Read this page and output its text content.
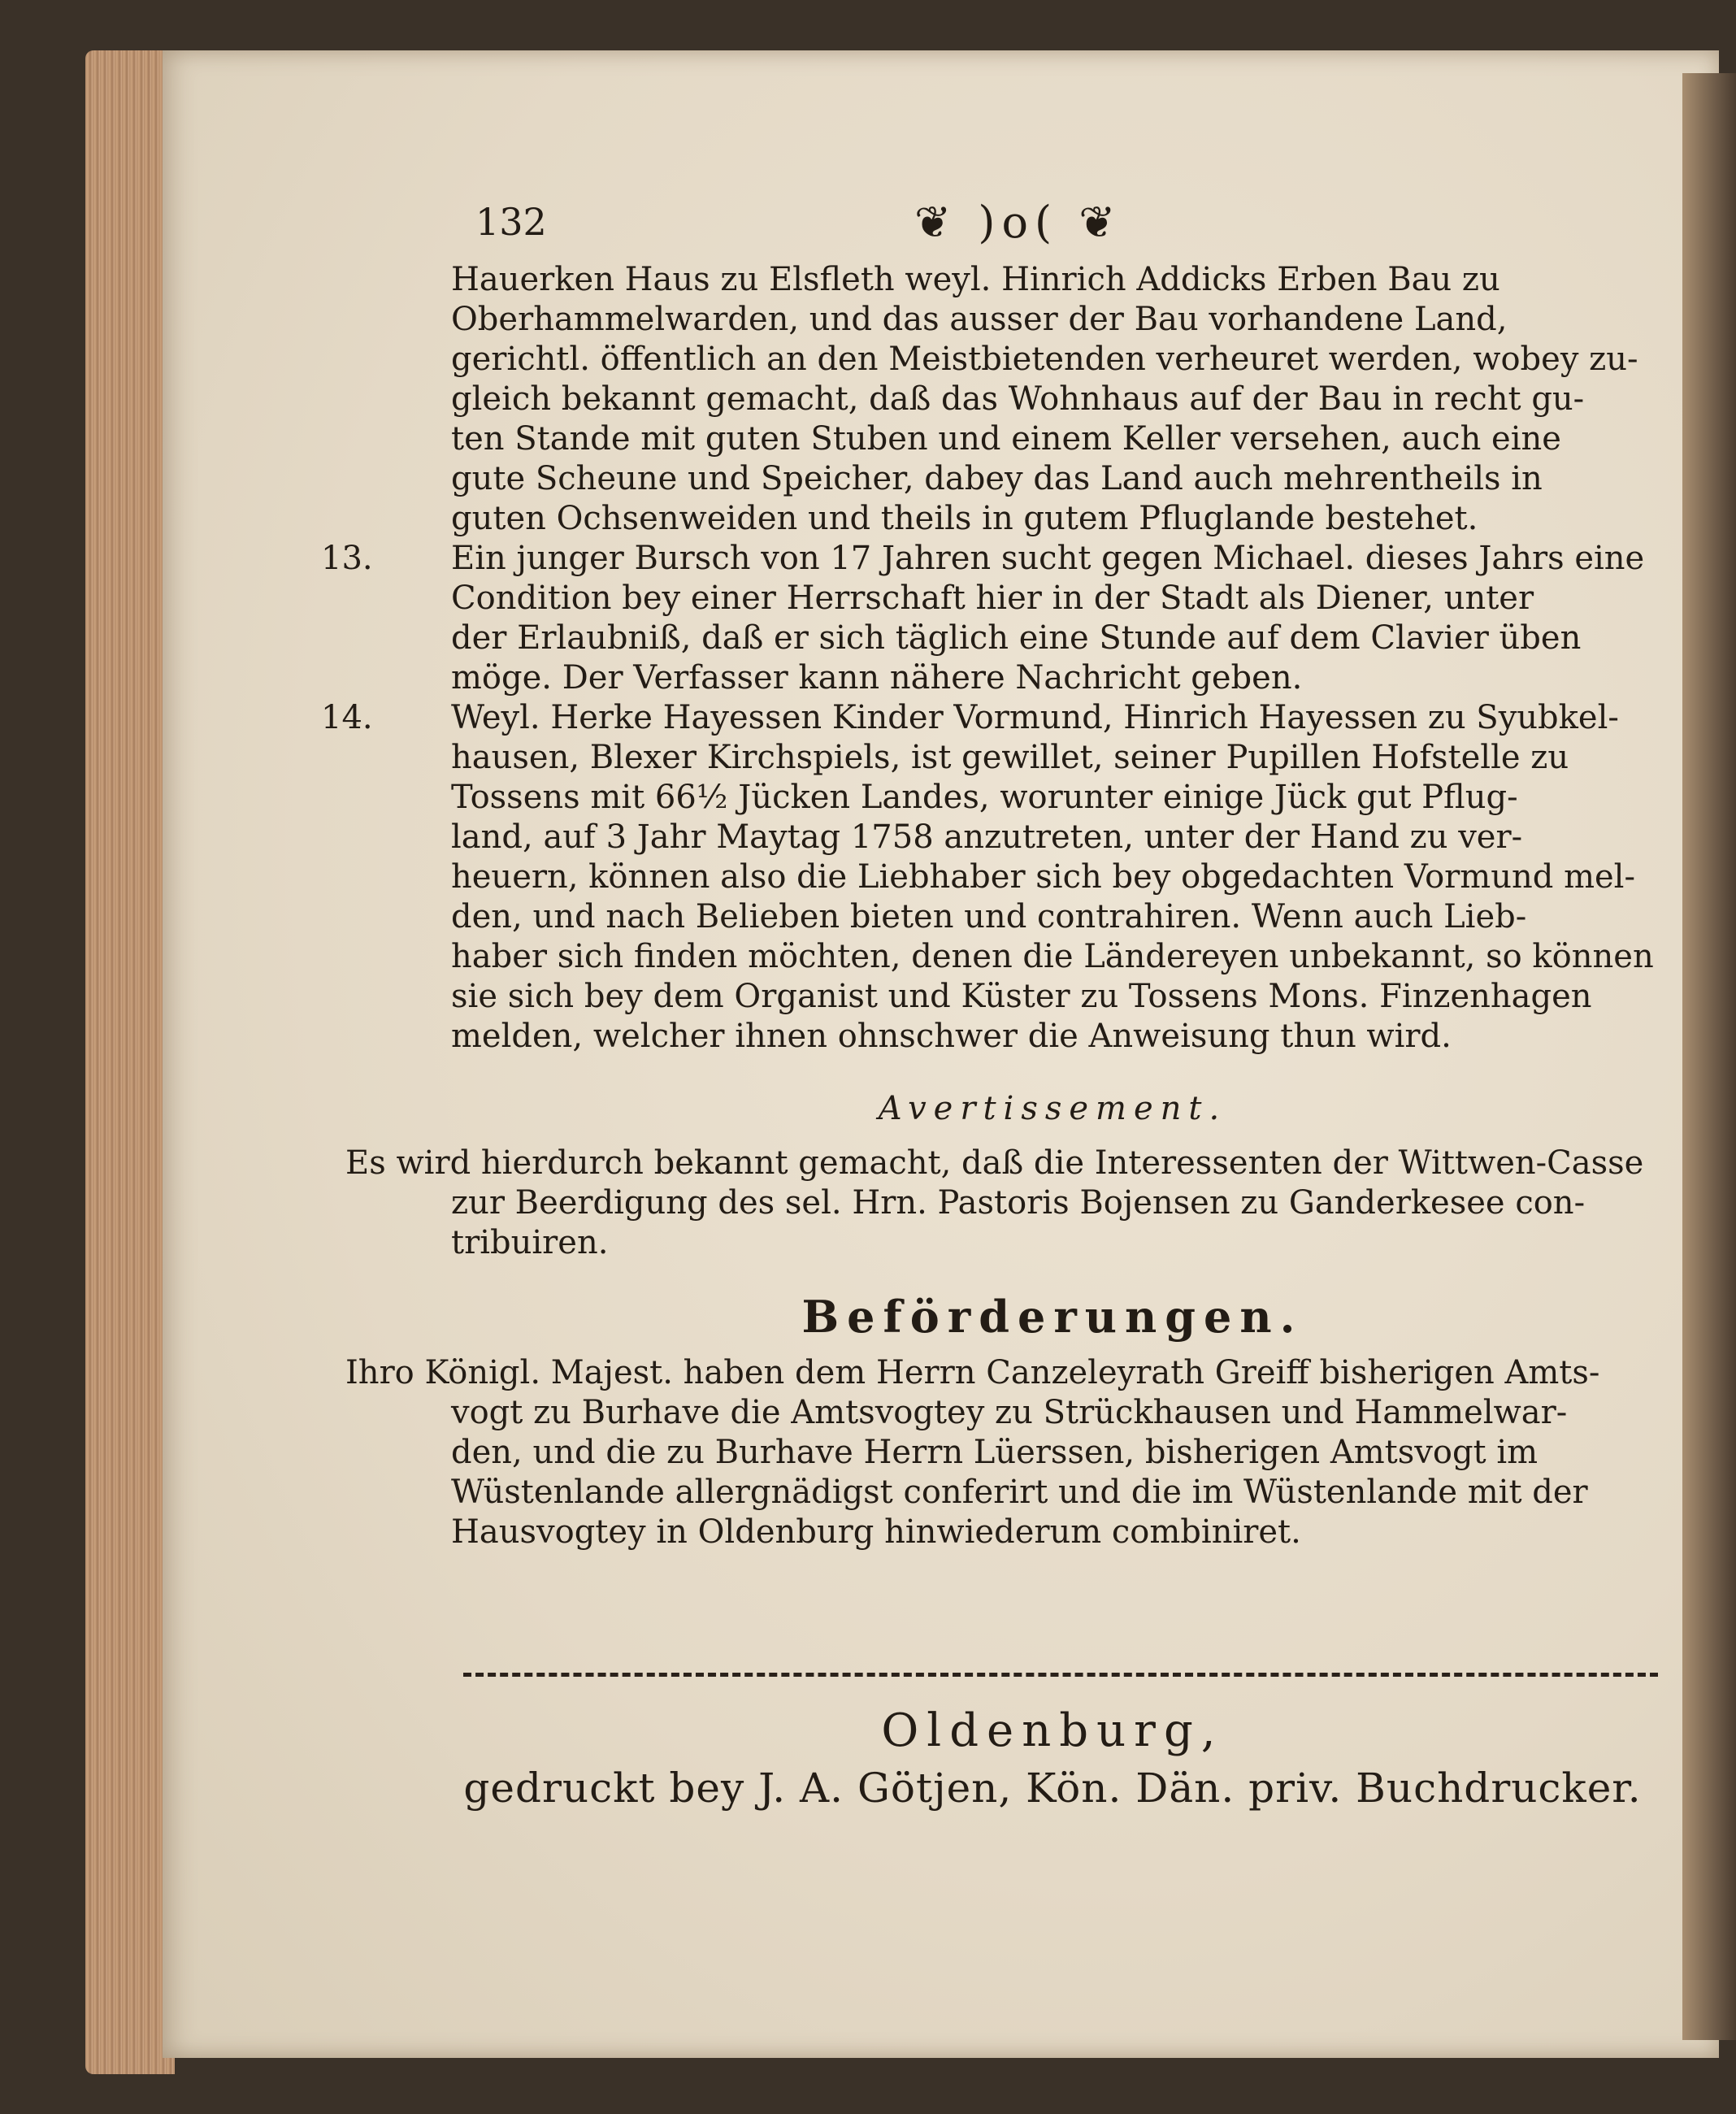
132	❦ )o( ❦
Hauerken Haus zu Elsfleth weyl. Hinrich Addicks Erben Bau zu
Oberhammelwarden, und das ausser der Bau vorhandene Land,
gerichtl. öffentlich an den Meistbietenden verheuret werden, wobey zu-
gleich bekannt gemacht, daß das Wohnhaus auf der Bau in recht gu-
ten Stande mit guten Stuben und einem Keller versehen, auch eine
gute Scheune und Speicher, dabey das Land auch mehrentheils in
guten Ochsenweiden und theils in gutem Pfluglande bestehet.
13. Ein junger Bursch von 17 Jahren sucht gegen Michael. dieses Jahrs eine
Condition bey einer Herrschaft hier in der Stadt als Diener, unter
der Erlaubniß, daß er sich täglich eine Stunde auf dem Clavier üben
möge. Der Verfasser kann nähere Nachricht geben.
14. Weyl. Herke Hayessen Kinder Vormund, Hinrich Hayessen zu Syubkel-
hausen, Blexer Kirchspiels, ist gewillet, seiner Pupillen Hofstelle zu
Tossens mit 66½ Jücken Landes, worunter einige Jück gut Pflug-
land, auf 3 Jahr Maytag 1758 anzutreten, unter der Hand zu ver-
heuern, können also die Liebhaber sich bey obgedachten Vormund mel-
den, und nach Belieben bieten und contrahiren. Wenn auch Lieb-
haber sich finden möchten, denen die Ländereyen unbekannt, so können
sie sich bey dem Organist und Küster zu Tossens Mons. Finzenhagen
melden, welcher ihnen ohnschwer die Anweisung thun wird.
Avertissement.
Es wird hierdurch bekannt gemacht, daß die Interessenten der Wittwen-Casse
zur Beerdigung des sel. Hrn. Pastoris Bojensen zu Ganderkesee con-
tribuiren.
Beförderungen.
Ihro Königl. Majest. haben dem Herrn Canzeleyrath Greiff bisherigen Amts-
vogt zu Burhave die Amtsvogtey zu Strückhausen und Hammelwar-
den, und die zu Burhave Herrn Lüerssen, bisherigen Amtsvogt im
Wüstenlande allergnädigst conferirt und die im Wüstenlande mit der
Hausvogtey in Oldenburg hinwiederum combiniret.
Oldenburg,
gedruckt bey J. A. Götjen, Kön. Dän. priv. Buchdrucker.
